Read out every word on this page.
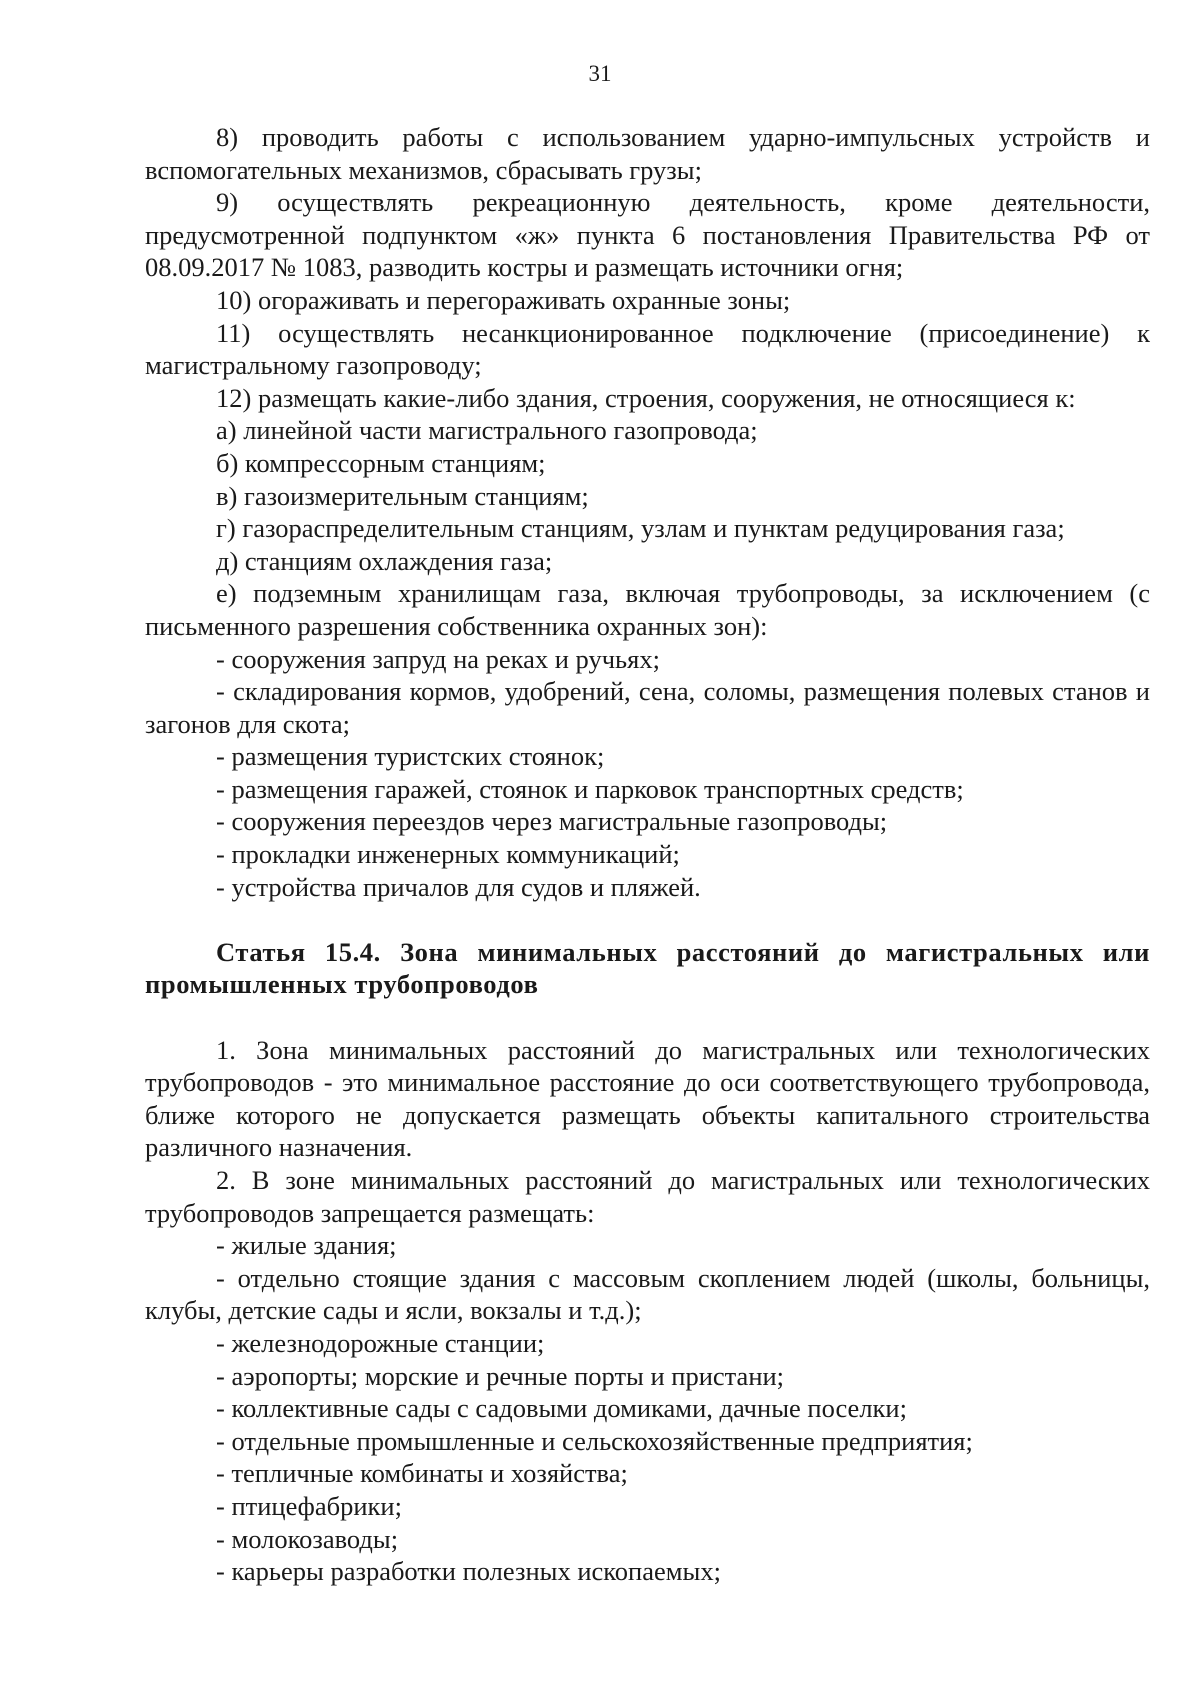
31

8) проводить работы с использованием ударно-импульсных устройств и вспомогательных механизмов, сбрасывать грузы;

9) осуществлять рекреационную деятельность, кроме деятельности, предусмотренной подпунктом «ж» пункта 6 постановления Правительства РФ от 08.09.2017 № 1083, разводить костры и размещать источники огня;

10) огораживать и перегораживать охранные зоны;

11) осуществлять несанкционированное подключение (присоединение) к магистральному газопроводу;

12) размещать какие-либо здания, строения, сооружения, не относящиеся к:

а) линейной части магистрального газопровода;

б) компрессорным станциям;

в) газоизмерительным станциям;

г) газораспределительным станциям, узлам и пунктам редуцирования газа;

д) станциям охлаждения газа;

е) подземным хранилищам газа, включая трубопроводы, за исключением (с письменного разрешения собственника охранных зон):

- сооружения запруд на реках и ручьях;

- складирования кормов, удобрений, сена, соломы, размещения полевых станов и загонов для скота;

- размещения туристских стоянок;

- размещения гаражей, стоянок и парковок транспортных средств;

- сооружения переездов через магистральные газопроводы;

- прокладки инженерных коммуникаций;

- устройства причалов для судов и пляжей.

Статья 15.4. Зона минимальных расстояний до магистральных или промышленных трубопроводов

1. Зона минимальных расстояний до магистральных или технологических трубопроводов - это минимальное расстояние до оси соответствующего трубопровода, ближе которого не допускается размещать объекты капитального строительства различного назначения.

2. В зоне минимальных расстояний до магистральных или технологических трубопроводов запрещается размещать:

- жилые здания;

- отдельно стоящие здания с массовым скоплением людей (школы, больницы, клубы, детские сады и ясли, вокзалы и т.д.);

- железнодорожные станции;

- аэропорты; морские и речные порты и пристани;

- коллективные сады с садовыми домиками, дачные поселки;

- отдельные промышленные и сельскохозяйственные предприятия;

- тепличные комбинаты и хозяйства;

- птицефабрики;

- молокозаводы;

- карьеры разработки полезных ископаемых;
